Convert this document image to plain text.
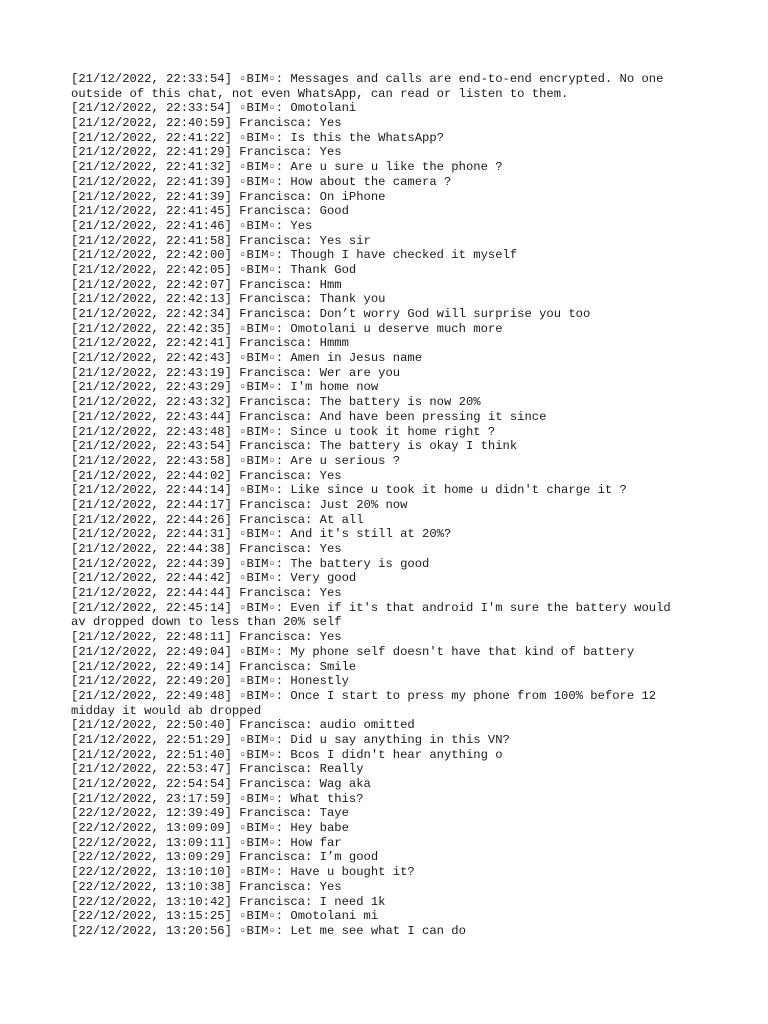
[21/12/2022, 22:33:54] ▫BIM▫: Messages and calls are end-to-end encrypted. No one
outside of this chat, not even WhatsApp, can read or listen to them.
[21/12/2022, 22:33:54] ▫BIM▫: Omotolani
[21/12/2022, 22:40:59] Francisca: Yes
[21/12/2022, 22:41:22] ▫BIM▫: Is this the WhatsApp?
[21/12/2022, 22:41:29] Francisca: Yes
[21/12/2022, 22:41:32] ▫BIM▫: Are u sure u like the phone ?
[21/12/2022, 22:41:39] ▫BIM▫: How about the camera ?
[21/12/2022, 22:41:39] Francisca: On iPhone
[21/12/2022, 22:41:45] Francisca: Good
[21/12/2022, 22:41:46] ▫BIM▫: Yes
[21/12/2022, 22:41:58] Francisca: Yes sir
[21/12/2022, 22:42:00] ▫BIM▫: Though I have checked it myself
[21/12/2022, 22:42:05] ▫BIM▫: Thank God
[21/12/2022, 22:42:07] Francisca: Hmm
[21/12/2022, 22:42:13] Francisca: Thank you
[21/12/2022, 22:42:34] Francisca: Don’t worry God will surprise you too
[21/12/2022, 22:42:35] ▫BIM▫: Omotolani u deserve much more
[21/12/2022, 22:42:41] Francisca: Hmmm
[21/12/2022, 22:42:43] ▫BIM▫: Amen in Jesus name
[21/12/2022, 22:43:19] Francisca: Wer are you
[21/12/2022, 22:43:29] ▫BIM▫: I'm home now
[21/12/2022, 22:43:32] Francisca: The battery is now 20%
[21/12/2022, 22:43:44] Francisca: And have been pressing it since
[21/12/2022, 22:43:48] ▫BIM▫: Since u took it home right ?
[21/12/2022, 22:43:54] Francisca: The battery is okay I think
[21/12/2022, 22:43:58] ▫BIM▫: Are u serious ?
[21/12/2022, 22:44:02] Francisca: Yes
[21/12/2022, 22:44:14] ▫BIM▫: Like since u took it home u didn't charge it ?
[21/12/2022, 22:44:17] Francisca: Just 20% now
[21/12/2022, 22:44:26] Francisca: At all
[21/12/2022, 22:44:31] ▫BIM▫: And it's still at 20%?
[21/12/2022, 22:44:38] Francisca: Yes
[21/12/2022, 22:44:39] ▫BIM▫: The battery is good
[21/12/2022, 22:44:42] ▫BIM▫: Very good
[21/12/2022, 22:44:44] Francisca: Yes
[21/12/2022, 22:45:14] ▫BIM▫: Even if it's that android I'm sure the battery would
av dropped down to less than 20% self
[21/12/2022, 22:48:11] Francisca: Yes
[21/12/2022, 22:49:04] ▫BIM▫: My phone self doesn't have that kind of battery
[21/12/2022, 22:49:14] Francisca: Smile
[21/12/2022, 22:49:20] ▫BIM▫: Honestly
[21/12/2022, 22:49:48] ▫BIM▫: Once I start to press my phone from 100% before 12
midday it would ab dropped
[21/12/2022, 22:50:40] Francisca: audio omitted
[21/12/2022, 22:51:29] ▫BIM▫: Did u say anything in this VN?
[21/12/2022, 22:51:40] ▫BIM▫: Bcos I didn't hear anything o
[21/12/2022, 22:53:47] Francisca: Really
[21/12/2022, 22:54:54] Francisca: Wag aka
[21/12/2022, 23:17:59] ▫BIM▫: What this?
[22/12/2022, 12:39:49] Francisca: Taye
[22/12/2022, 13:09:09] ▫BIM▫: Hey babe
[22/12/2022, 13:09:11] ▫BIM▫: How far
[22/12/2022, 13:09:29] Francisca: I’m good
[22/12/2022, 13:10:10] ▫BIM▫: Have u bought it?
[22/12/2022, 13:10:38] Francisca: Yes
[22/12/2022, 13:10:42] Francisca: I need 1k
[22/12/2022, 13:15:25] ▫BIM▫: Omotolani mi
[22/12/2022, 13:20:56] ▫BIM▫: Let me see what I can do
